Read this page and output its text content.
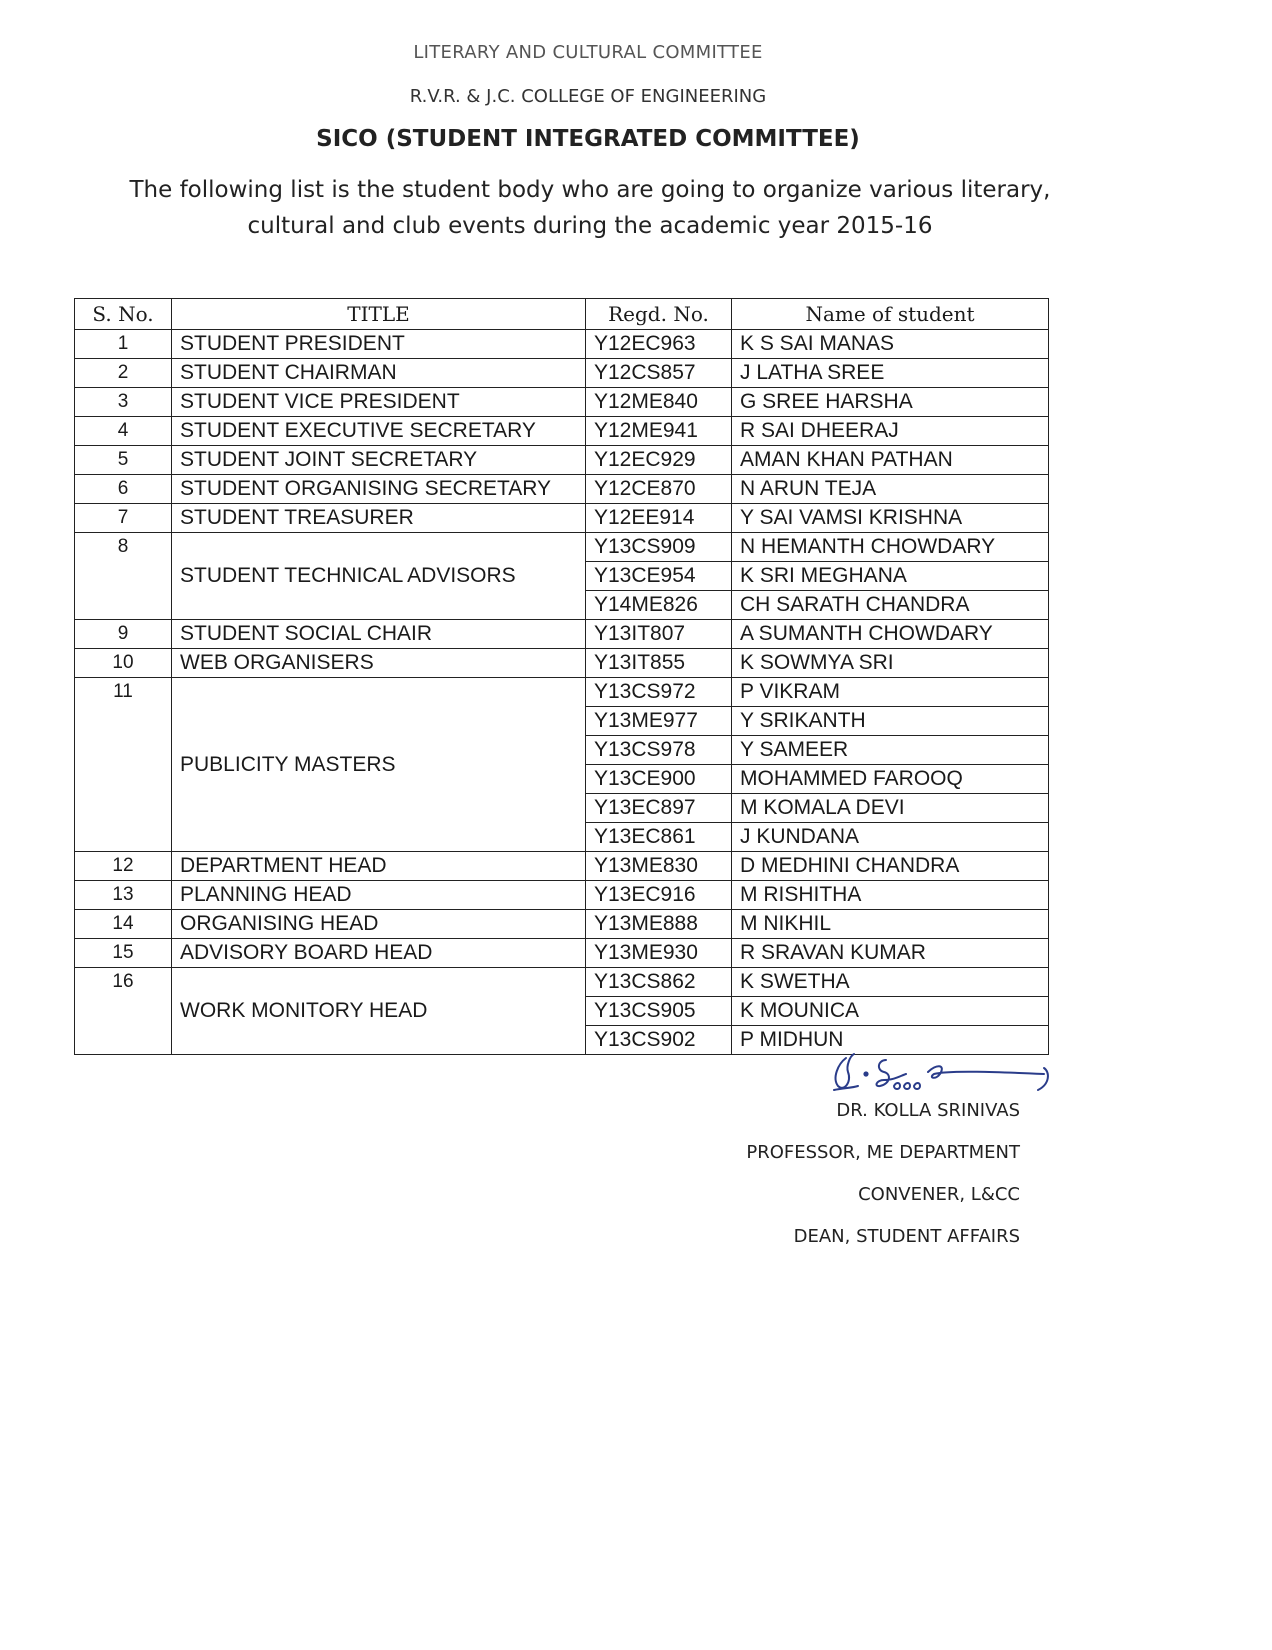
LITERARY AND CULTURAL COMMITTEE
R.V.R. & J.C. COLLEGE OF ENGINEERING
SICO (STUDENT INTEGRATED COMMITTEE)
The following list is the student body who are going to organize various literary,
cultural and club events during the academic year 2015-16
S. No.	TITLE	Regd. No.	Name of student
1	STUDENT PRESIDENT	Y12EC963	K S SAI MANAS
2	STUDENT CHAIRMAN	Y12CS857	J LATHA SREE
3	STUDENT VICE PRESIDENT	Y12ME840	G SREE HARSHA
4	STUDENT EXECUTIVE SECRETARY	Y12ME941	R SAI DHEERAJ
5	STUDENT JOINT SECRETARY	Y12EC929	AMAN KHAN PATHAN
6	STUDENT ORGANISING SECRETARY	Y12CE870	N ARUN TEJA
7	STUDENT TREASURER	Y12EE914	Y SAI VAMSI KRISHNA
8	STUDENT TECHNICAL ADVISORS	Y13CS909	N HEMANTH CHOWDARY
		Y13CE954	K SRI MEGHANA
		Y14ME826	CH SARATH CHANDRA
9	STUDENT SOCIAL CHAIR	Y13IT807	A SUMANTH CHOWDARY
10	WEB ORGANISERS	Y13IT855	K SOWMYA SRI
11	PUBLICITY MASTERS	Y13CS972	P VIKRAM
		Y13ME977	Y SRIKANTH
		Y13CS978	Y SAMEER
		Y13CE900	MOHAMMED FAROOQ
		Y13EC897	M KOMALA DEVI
		Y13EC861	J KUNDANA
12	DEPARTMENT HEAD	Y13ME830	D MEDHINI CHANDRA
13	PLANNING HEAD	Y13EC916	M RISHITHA
14	ORGANISING HEAD	Y13ME888	M NIKHIL
15	ADVISORY BOARD HEAD	Y13ME930	R SRAVAN KUMAR
16	WORK MONITORY HEAD	Y13CS862	K SWETHA
		Y13CS905	K MOUNICA
		Y13CS902	P MIDHUN
DR. KOLLA SRINIVAS
PROFESSOR, ME DEPARTMENT
CONVENER, L&CC
DEAN, STUDENT AFFAIRS
